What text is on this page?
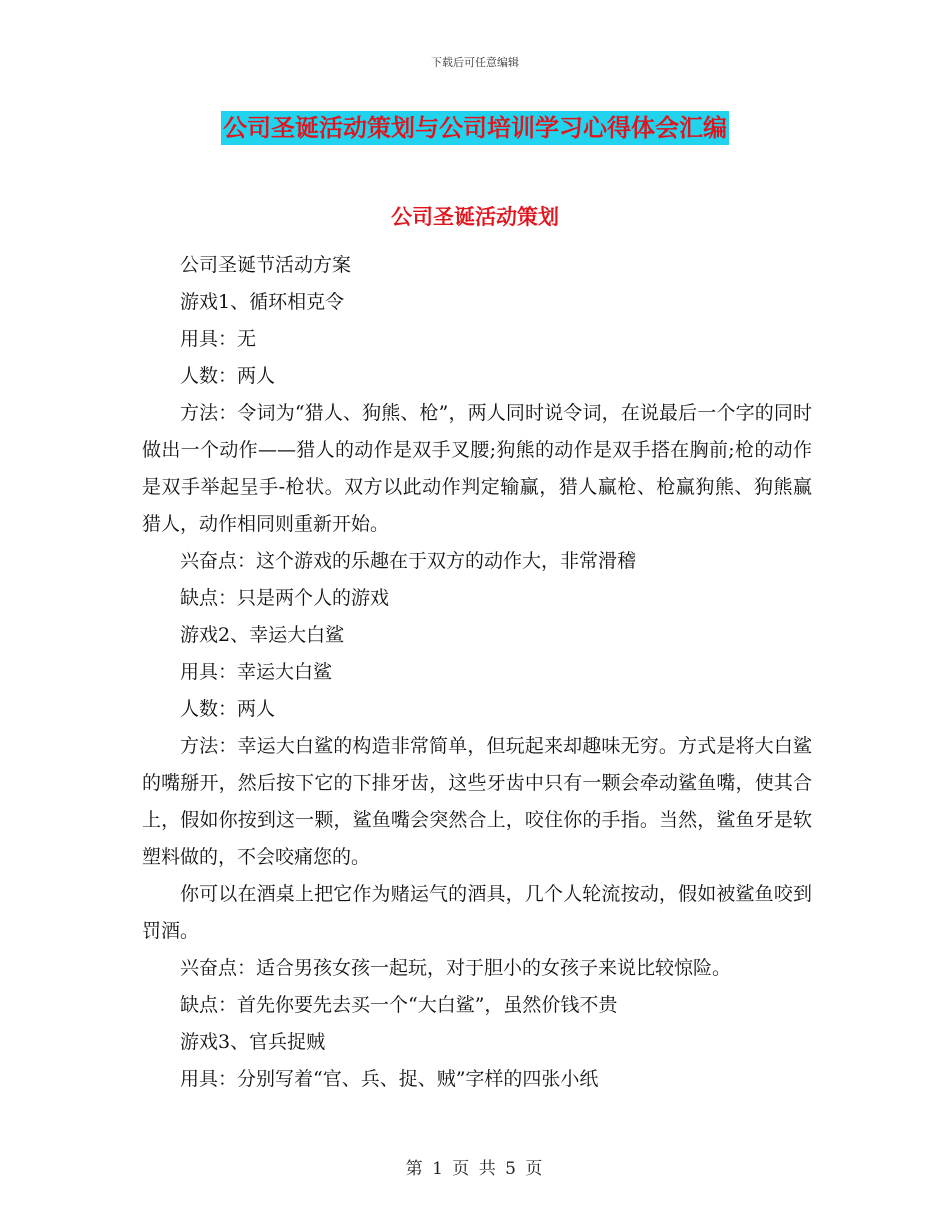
下载后可任意编辑
公司圣诞活动策划与公司培训学习心得体会汇编
公司圣诞活动策划

公司圣诞节活动方案

游戏1、循环相克令

用具：无

人数：两人

方法：令词为“猎人、狗熊、枪”，两人同时说令词，在说最后一个字的同时做出一个动作——猎人的动作是双手叉腰;狗熊的动作是双手搭在胸前;枪的动作是双手举起呈手-枪状。双方以此动作判定输赢，猎人赢枪、枪赢狗熊、狗熊赢猎人，动作相同则重新开始。

兴奋点：这个游戏的乐趣在于双方的动作大，非常滑稽

缺点：只是两个人的游戏

游戏2、幸运大白鲨

用具：幸运大白鲨

人数：两人

方法：幸运大白鲨的构造非常简单，但玩起来却趣味无穷。方式是将大白鲨的嘴掰开，然后按下它的下排牙齿，这些牙齿中只有一颗会牵动鲨鱼嘴，使其合上，假如你按到这一颗，鲨鱼嘴会突然合上，咬住你的手指。当然，鲨鱼牙是软塑料做的，不会咬痛您的。

你可以在酒桌上把它作为赌运气的酒具，几个人轮流按动，假如被鲨鱼咬到罚酒。

兴奋点：适合男孩女孩一起玩，对于胆小的女孩子来说比较惊险。

缺点：首先你要先去买一个“大白鲨”，虽然价钱不贵

游戏3、官兵捉贼

用具：分别写着“官、兵、捉、贼”字样的四张小纸

第 1 页 共 5 页
